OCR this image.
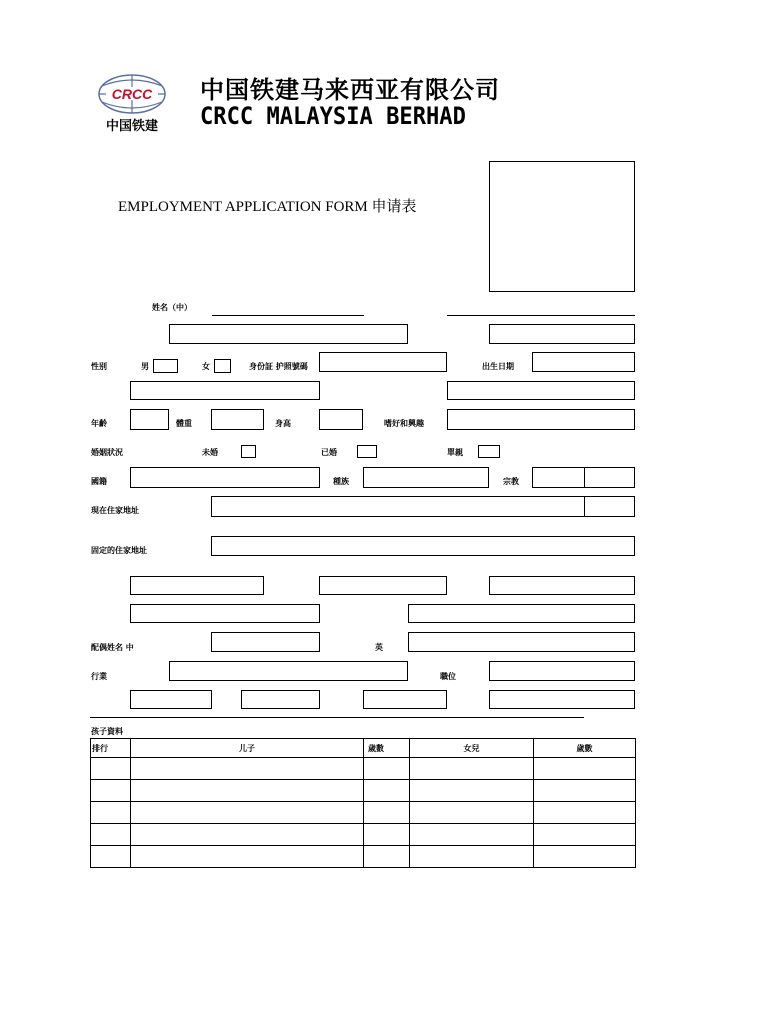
CRCC
中国铁建
中国铁建马来西亚有限公司
CRCC MALAYSIA BERHAD
EMPLOYMENT APPLICATION FORM 申请表
姓名（中）
性别	男	女	身份証 护照號碼	出生日期
年齡	體重	身高	嗜好和興趣
婚姻狀況	未婚	已婚	單親
國籍	種族	宗教
現在住家地址
固定的住家地址
配偶姓名 中	英
行業	職位
孩子資料
排行	儿子	歲數	女兒	歲數
